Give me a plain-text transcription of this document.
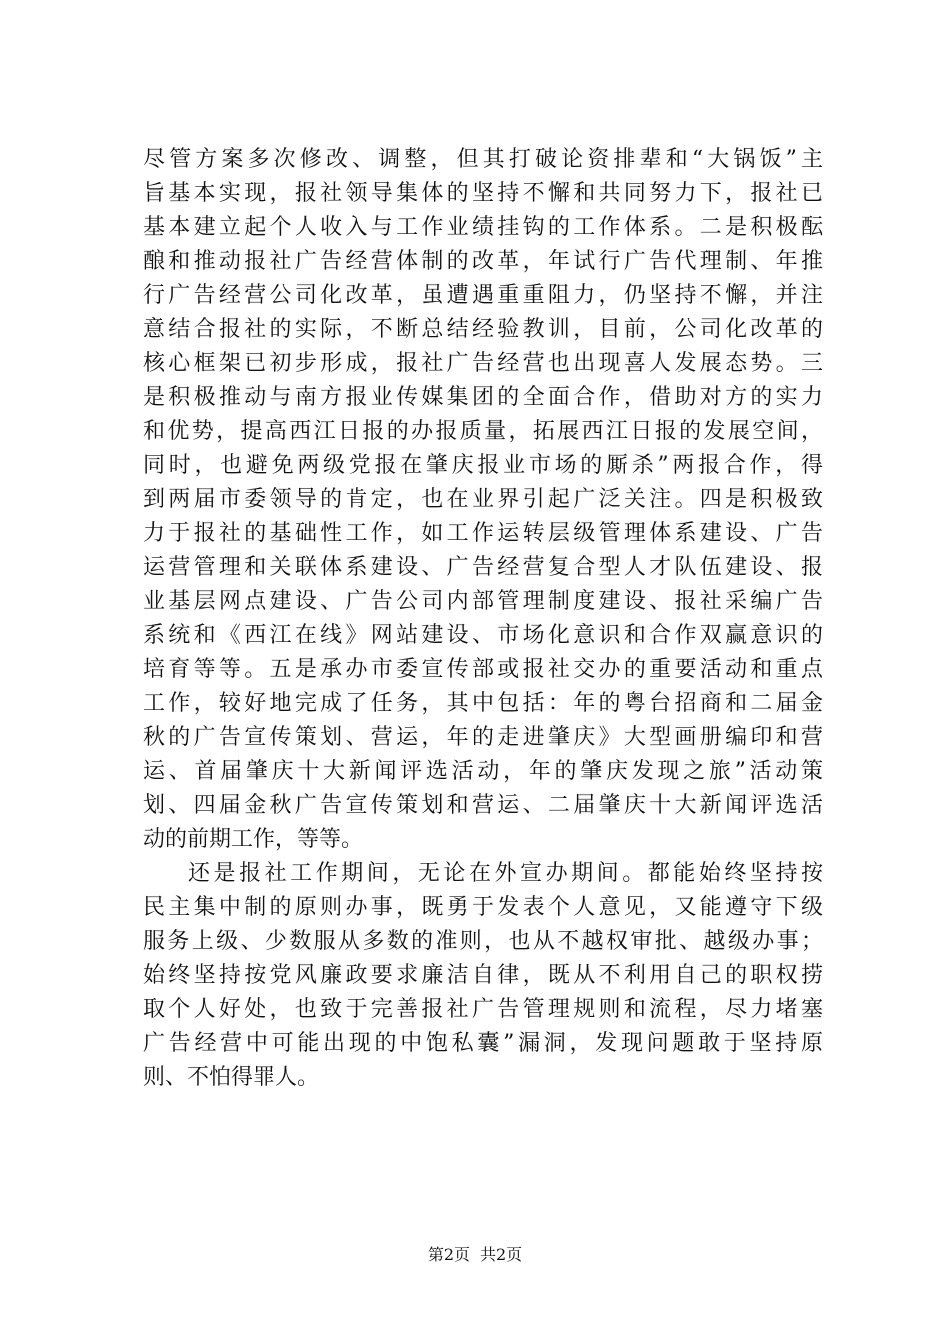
尽管方案多次修改、调整，但其打破论资排辈和“大锅饭”主
旨基本实现，报社领导集体的坚持不懈和共同努力下，报社已
基本建立起个人收入与工作业绩挂钩的工作体系。二是积极酝
酿和推动报社广告经营体制的改革，年试行广告代理制、年推
行广告经营公司化改革，虽遭遇重重阻力，仍坚持不懈，并注
意结合报社的实际，不断总结经验教训，目前，公司化改革的
核心框架已初步形成，报社广告经营也出现喜人发展态势。三
是积极推动与南方报业传媒集团的全面合作，借助对方的实力
和优势，提高西江日报的办报质量，拓展西江日报的发展空间，
同时，也避免两级党报在肇庆报业市场的厮杀”两报合作，得
到两届市委领导的肯定，也在业界引起广泛关注。四是积极致
力于报社的基础性工作，如工作运转层级管理体系建设、广告
运营管理和关联体系建设、广告经营复合型人才队伍建设、报
业基层网点建设、广告公司内部管理制度建设、报社采编广告
系统和《西江在线》网站建设、市场化意识和合作双赢意识的
培育等等。五是承办市委宣传部或报社交办的重要活动和重点
工作，较好地完成了任务，其中包括：年的粤台招商和二届金
秋的广告宣传策划、营运，年的走进肇庆》大型画册编印和营
运、首届肇庆十大新闻评选活动，年的肇庆发现之旅”活动策
划、四届金秋广告宣传策划和营运、二届肇庆十大新闻评选活
动的前期工作，等等。
还是报社工作期间，无论在外宣办期间。都能始终坚持按
民主集中制的原则办事，既勇于发表个人意见，又能遵守下级
服务上级、少数服从多数的准则，也从不越权审批、越级办事；
始终坚持按党风廉政要求廉洁自律，既从不利用自己的职权捞
取个人好处，也致于完善报社广告管理规则和流程，尽力堵塞
广告经营中可能出现的中饱私囊”漏洞，发现问题敢于坚持原
则、不怕得罪人。
第2页 共2页
